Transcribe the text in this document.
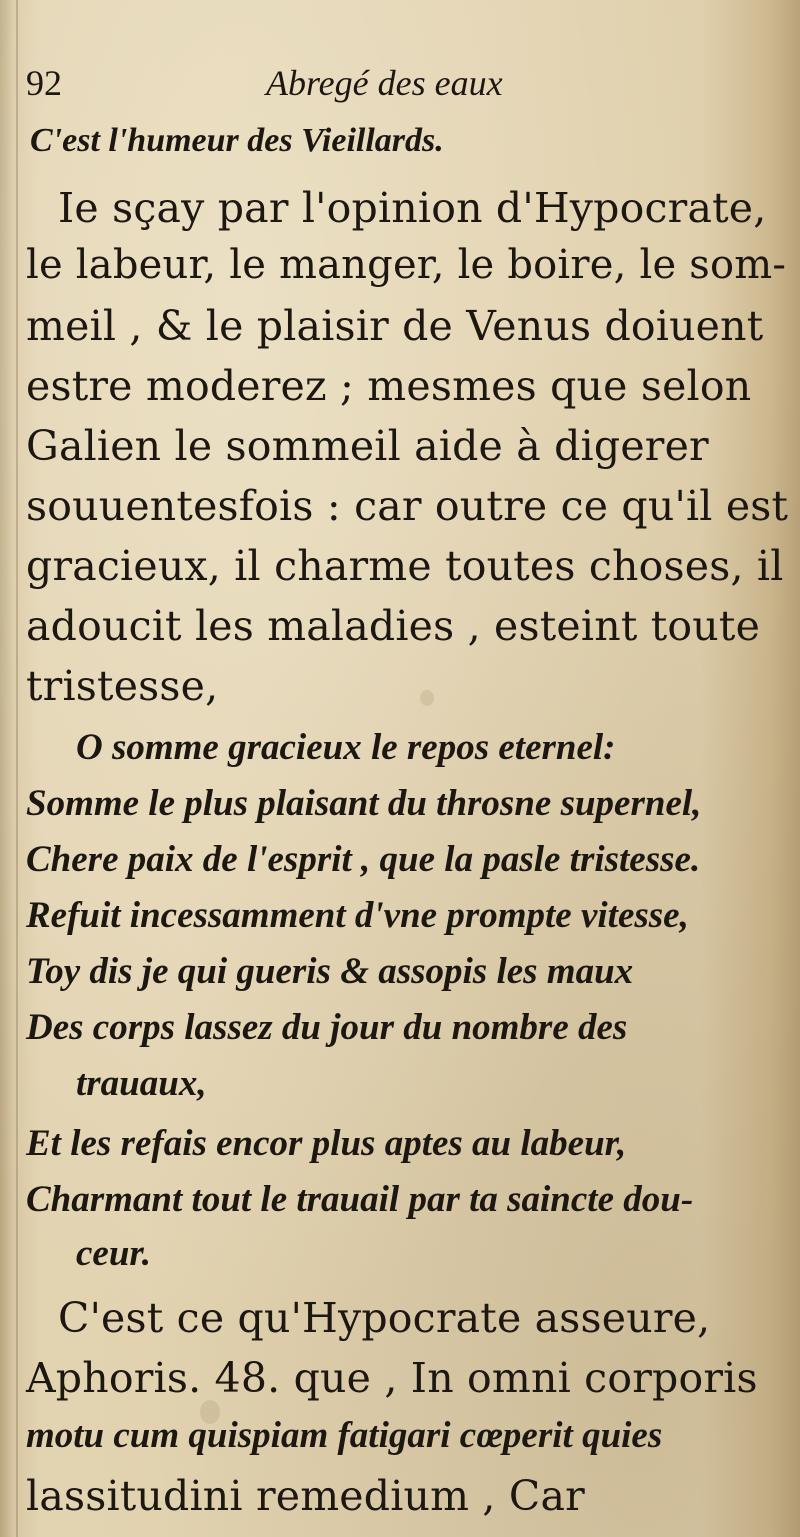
92	Abregé des eaux
C'est l'humeur des Vieillards.
Ie sçay par l'opinion d'Hypocrate,
le labeur, le manger, le boire, le som-
meil , & le plaisir de Venus doiuent
estre moderez ; mesmes que selon
Galien le sommeil aide à digerer
souuentesfois : car outre ce qu'il est
gracieux, il charme toutes choses, il
adoucit les maladies , esteint toute
tristesse,
O somme gracieux le repos eternel:
Somme le plus plaisant du throsne supernel,
Chere paix de l'esprit , que la pasle tristesse.
Refuit incessamment d'vne prompte vitesse,
Toy dis je qui gueris & assopis les maux
Des corps lassez du jour du nombre des
trauaux,
Et les refais encor plus aptes au labeur,
Charmant tout le trauail par ta saincte dou-
ceur.
C'est ce qu'Hypocrate asseure,
Aphoris. 48. que , In omni corporis
motu cum quispiam fatigari cœperit quies
lassitudini remedium , Car
